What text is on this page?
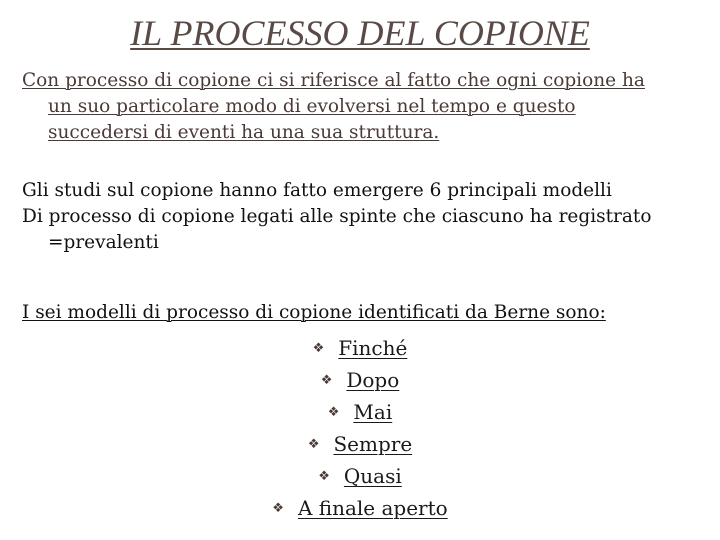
IL PROCESSO DEL COPIONE
Con processo di copione ci si riferisce al fatto che ogni copione ha
un suo particolare modo di evolversi nel tempo e questo
succedersi di eventi ha una sua struttura.
Gli studi sul copione hanno fatto emergere 6 principali modelli
Di processo di copione legati alle spinte che ciascuno ha registrato
=prevalenti
I sei modelli di processo di copione identificati da Berne sono:
❖ Finché
❖ Dopo
❖ Mai
❖ Sempre
❖ Quasi
❖ A finale aperto
